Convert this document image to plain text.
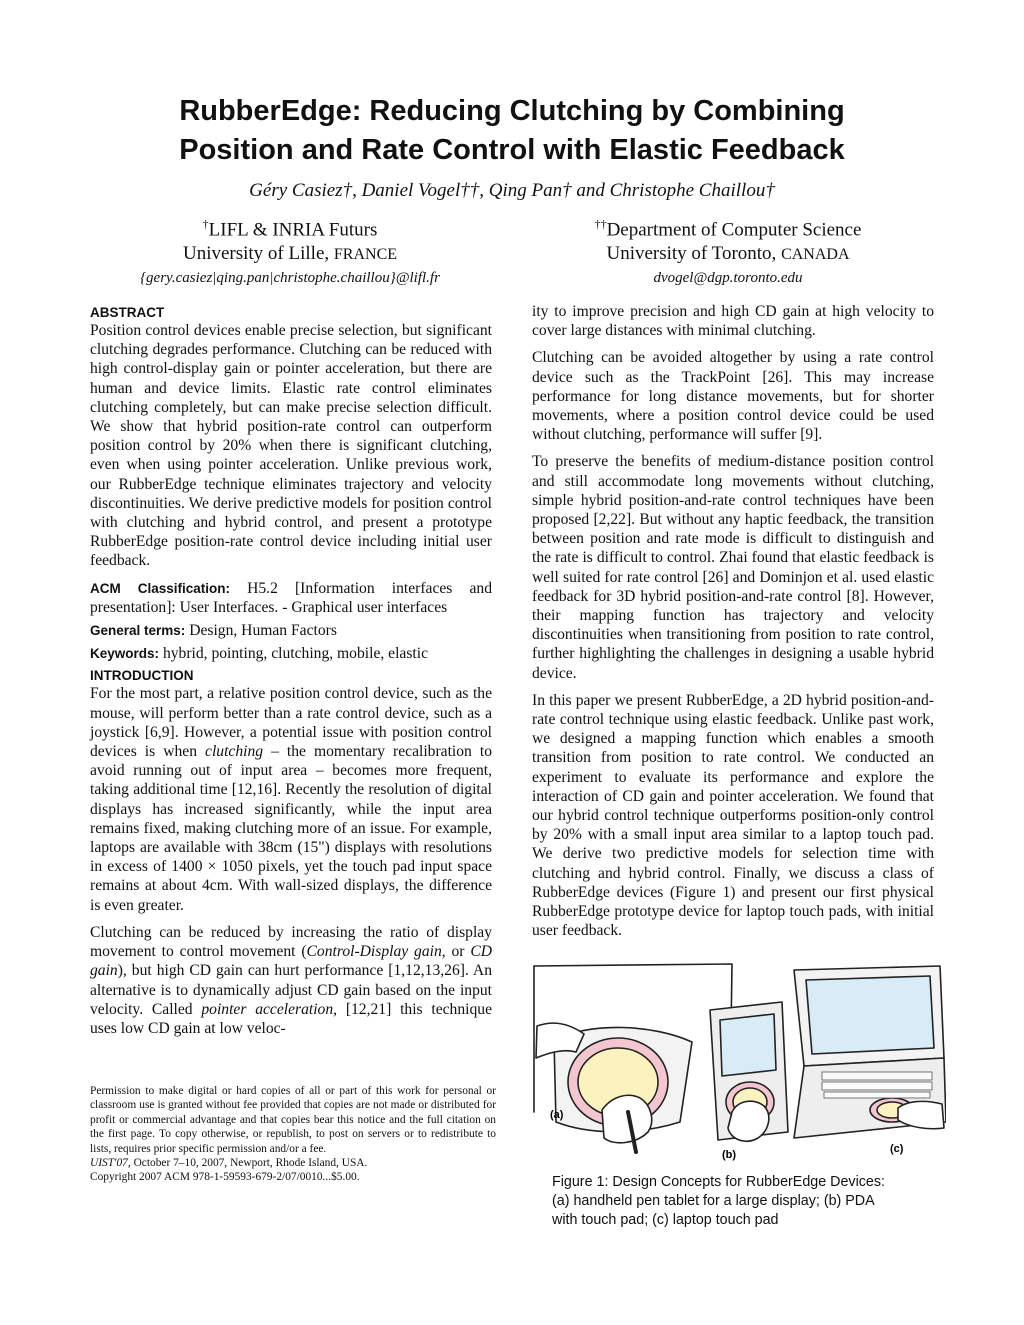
RubberEdge: Reducing Clutching by Combining
Position and Rate Control with Elastic Feedback
Géry Casiez†, Daniel Vogel††, Qing Pan† and Christophe Chaillou†
†LIFL & INRIA Futurs
University of Lille, FRANCE
{gery.casiez|qing.pan|christophe.chaillou}@lifl.fr
††Department of Computer Science
University of Toronto, CANADA
dvogel@dgp.toronto.edu
ABSTRACT

Position control devices enable precise selection, but significant clutching degrades performance. Clutching can be reduced with high control-display gain or pointer acceleration, but there are human and device limits. Elastic rate control eliminates clutching completely, but can make precise selection difficult. We show that hybrid position-rate control can outperform position control by 20% when there is significant clutching, even when using pointer acceleration. Unlike previous work, our RubberEdge technique eliminates trajectory and velocity discontinuities. We derive predictive models for position control with clutching and hybrid control, and present a prototype RubberEdge position-rate control device including initial user feedback.

ACM Classification: H5.2 [Information interfaces and presentation]: User Interfaces. - Graphical user interfaces

General terms: Design, Human Factors

Keywords: hybrid, pointing, clutching, mobile, elastic

INTRODUCTION

For the most part, a relative position control device, such as the mouse, will perform better than a rate control device, such as a joystick [6,9]. However, a potential issue with position control devices is when clutching – the momentary recalibration to avoid running out of input area – becomes more frequent, taking additional time [12,16]. Recently the resolution of digital displays has increased significantly, while the input area remains fixed, making clutching more of an issue. For example, laptops are available with 38cm (15") displays with resolutions in excess of 1400 × 1050 pixels, yet the touch pad input space remains at about 4cm. With wall-sized displays, the difference is even greater.

Clutching can be reduced by increasing the ratio of display movement to control movement (Control-Display gain, or CD gain), but high CD gain can hurt performance [1,12,13,26]. An alternative is to dynamically adjust CD gain based on the input velocity. Called pointer acceleration, [12,21] this technique uses low CD gain at low veloc-

ity to improve precision and high CD gain at high velocity to cover large distances with minimal clutching.

Clutching can be avoided altogether by using a rate control device such as the TrackPoint [26]. This may increase performance for long distance movements, but for shorter movements, where a position control device could be used without clutching, performance will suffer [9].

To preserve the benefits of medium-distance position control and still accommodate long movements without clutching, simple hybrid position-and-rate control techniques have been proposed [2,22]. But without any haptic feedback, the transition between position and rate mode is difficult to distinguish and the rate is difficult to control. Zhai found that elastic feedback is well suited for rate control [26] and Dominjon et al. used elastic feedback for 3D hybrid position-and-rate control [8]. However, their mapping function has trajectory and velocity discontinuities when transitioning from position to rate control, further highlighting the challenges in designing a usable hybrid device.

In this paper we present RubberEdge, a 2D hybrid position-and-rate control technique using elastic feedback. Unlike past work, we designed a mapping function which enables a smooth transition from position to rate control. We conducted an experiment to evaluate its performance and explore the interaction of CD gain and pointer acceleration. We found that our hybrid control technique outperforms position-only control by 20% with a small input area similar to a laptop touch pad. We derive two predictive models for selection time with clutching and hybrid control. Finally, we discuss a class of RubberEdge devices (Figure 1) and present our first physical RubberEdge prototype device for laptop touch pads, with initial user feedback.

Permission to make digital or hard copies of all or part of this work for personal or classroom use is granted without fee provided that copies are not made or distributed for profit or commercial advantage and that copies bear this notice and the full citation on the first page. To copy otherwise, or republish, to post on servers or to redistribute to lists, requires prior specific permission and/or a fee.
UIST'07, October 7–10, 2007, Newport, Rhode Island, USA.
Copyright 2007 ACM 978-1-59593-679-2/07/0010...$5.00.
(a)
(b)	(c)
Figure 1: Design Concepts for RubberEdge Devices:
(a) handheld pen tablet for a large display; (b) PDA
with touch pad; (c) laptop touch pad
